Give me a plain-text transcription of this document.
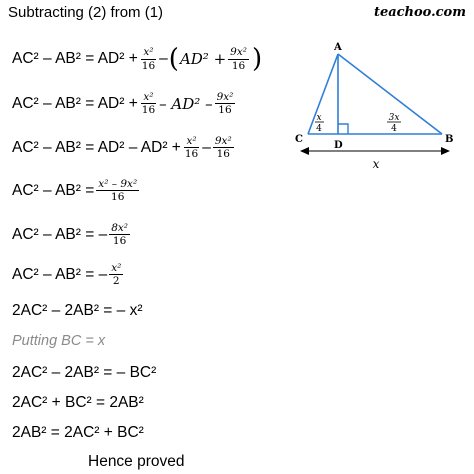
Subtracting (2) from (1)	teachoo.com
$AC^2 - AB^2 = AD^2 + \frac{\text{x²}}{16}$ – ( $AD^2 + \frac{\text{9x²}}{16}$ )
$AC^2 - AB^2 = AD^2 + \frac{\text{x²}}{16} - AD^2 - \frac{\text{9x²}}{16}$
$AC^2 - AB^2 = AD^2 - AD^2 + \frac{\text{x²}}{16} - \frac{\text{9x²}}{16}$
$AC^2 - AB^2 = \frac{\text{x² – 9x²}}{16}$
AC² – AB² = – $\frac{\text{8x²}}{16}$
AC² – AB² = – $\frac{\text{x²}}{2}$
2AC² – 2AB² = – x²
Putting BC = x
2AC² – 2AB² = – BC²
2AC² + BC² = 2AB²
2AB² = 2AC² + BC²
Hence proved
A
C	B
D
x
4
3x
4
x
